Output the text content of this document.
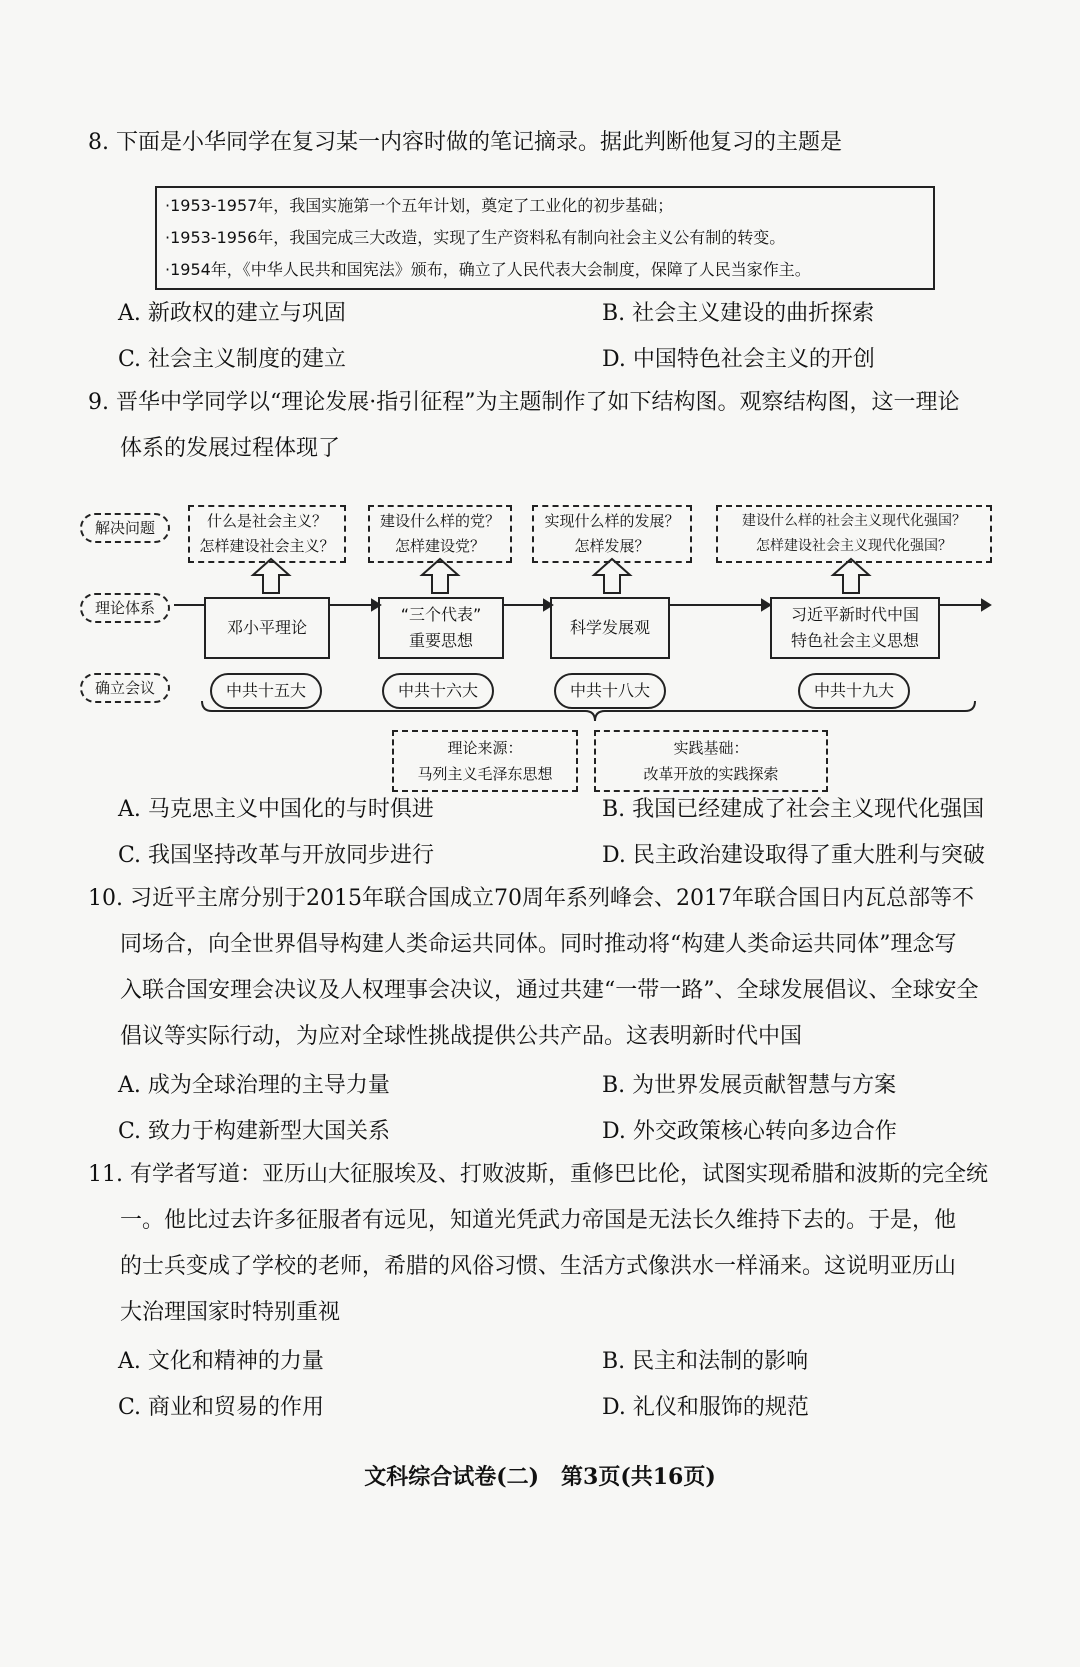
8. 下面是小华同学在复习某一内容时做的笔记摘录。据此判断他复习的主题是
·1953-1957年，我国实施第一个五年计划，奠定了工业化的初步基础；
·1953-1956年，我国完成三大改造，实现了生产资料私有制向社会主义公有制的转变。
·1954年，《中华人民共和国宪法》颁布，确立了人民代表大会制度，保障了人民当家作主。
A. 新政权的建立与巩固	B. 社会主义建设的曲折探索
C. 社会主义制度的建立	D. 中国特色社会主义的开创
9. 晋华中学同学以“理论发展·指引征程”为主题制作了如下结构图。观察结构图，这一理论
体系的发展过程体现了
解决问题
理论体系
确立会议
什么是社会主义？
怎样建设社会主义？
建设什么样的党？
怎样建设党？
实现什么样的发展？
怎样发展？
建设什么样的社会主义现代化强国？
怎样建设社会主义现代化强国？
邓小平理论
“三个代表”
重要思想
科学发展观
习近平新时代中国
特色社会主义思想
中共十五大	中共十六大	中共十八大	中共十九大
理论来源：
马列主义毛泽东思想
实践基础：
改革开放的实践探索
A. 马克思主义中国化的与时俱进	B. 我国已经建成了社会主义现代化强国
C. 我国坚持改革与开放同步进行	D. 民主政治建设取得了重大胜利与突破
10. 习近平主席分别于2015年联合国成立70周年系列峰会、2017年联合国日内瓦总部等不
同场合，向全世界倡导构建人类命运共同体。同时推动将“构建人类命运共同体”理念写
入联合国安理会决议及人权理事会决议，通过共建“一带一路”、全球发展倡议、全球安全
倡议等实际行动，为应对全球性挑战提供公共产品。这表明新时代中国
A. 成为全球治理的主导力量	B. 为世界发展贡献智慧与方案
C. 致力于构建新型大国关系	D. 外交政策核心转向多边合作
11. 有学者写道：亚历山大征服埃及、打败波斯，重修巴比伦，试图实现希腊和波斯的完全统
一。他比过去许多征服者有远见，知道光凭武力帝国是无法长久维持下去的。于是，他
的士兵变成了学校的老师，希腊的风俗习惯、生活方式像洪水一样涌来。这说明亚历山
大治理国家时特别重视
A. 文化和精神的力量	B. 民主和法制的影响
C. 商业和贸易的作用	D. 礼仪和服饰的规范
文科综合试卷(二)　第3页(共16页)
